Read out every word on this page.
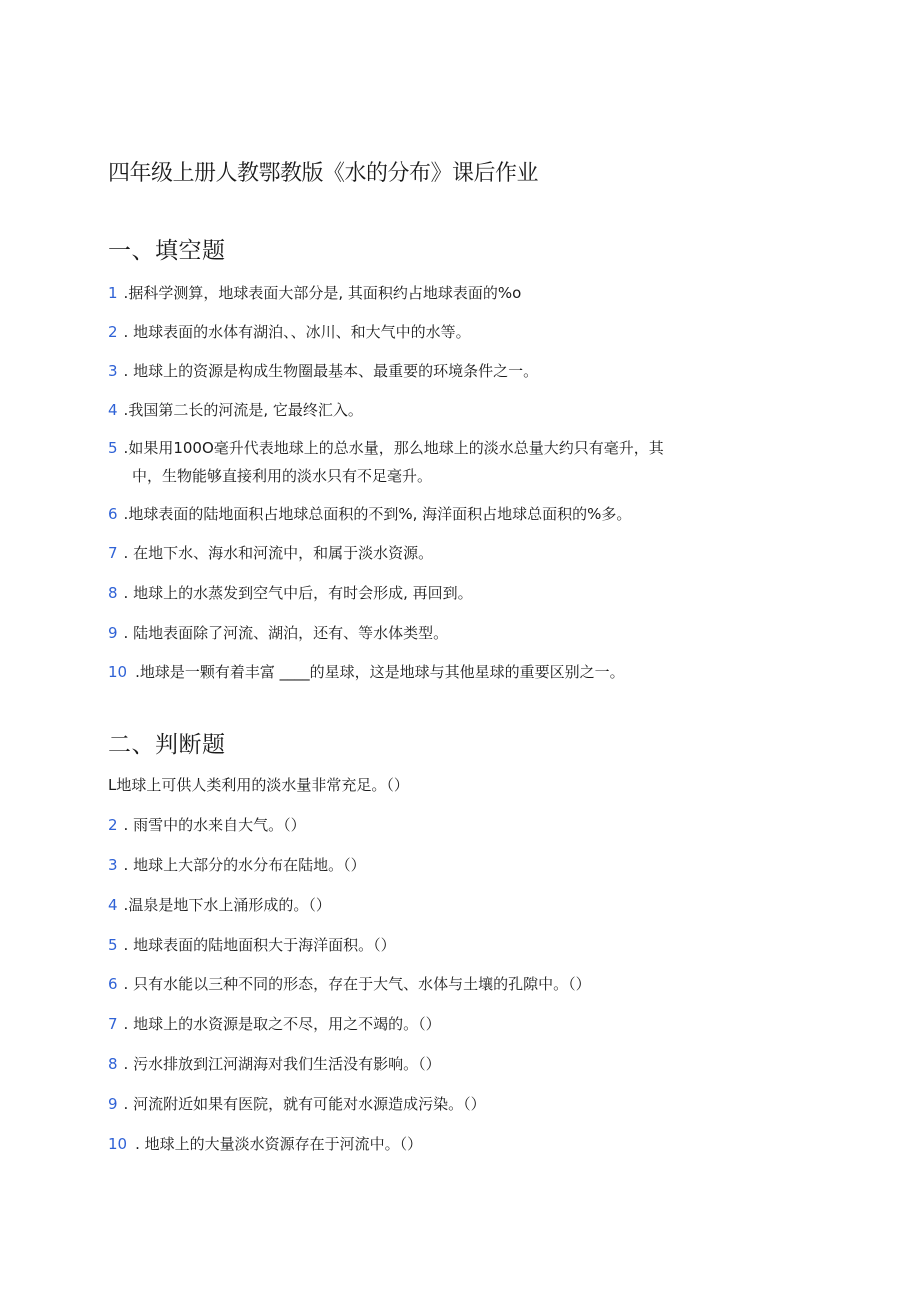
四年级上册人教鄂教版《水的分布》课后作业
一、填空题
1 .据科学测算，地球表面大部分是, 其面积约占地球表面的%o
2 . 地球表面的水体有湖泊、、冰川、和大气中的水等。
3 . 地球上的资源是构成生物圈最基本、最重要的环境条件之一。
4 .我国第二长的河流是, 它最终汇入。
5 .如果用100O毫升代表地球上的总水量，那么地球上的淡水总量大约只有毫升，其
中，生物能够直接利用的淡水只有不足毫升。
6 .地球表面的陆地面积占地球总面积的不到%, 海洋面积占地球总面积的%多。
7 . 在地下水、海水和河流中，和属于淡水资源。
8 . 地球上的水蒸发到空气中后，有时会形成, 再回到。
9 . 陆地表面除了河流、湖泊，还有、等水体类型。
10 .地球是一颗有着丰富 ____的星球，这是地球与其他星球的重要区别之一。
二、判断题
L地球上可供人类利用的淡水量非常充足。（）
2 . 雨雪中的水来自大气。（）
3 . 地球上大部分的水分布在陆地。（）
4 .温泉是地下水上涌形成的。（）
5 . 地球表面的陆地面积大于海洋面积。（）
6 . 只有水能以三种不同的形态，存在于大气、水体与土壤的孔隙中。（）
7 . 地球上的水资源是取之不尽，用之不竭的。（）
8 . 污水排放到江河湖海对我们生活没有影响。（）
9 . 河流附近如果有医院，就有可能对水源造成污染。（）
10 . 地球上的大量淡水资源存在于河流中。（）
